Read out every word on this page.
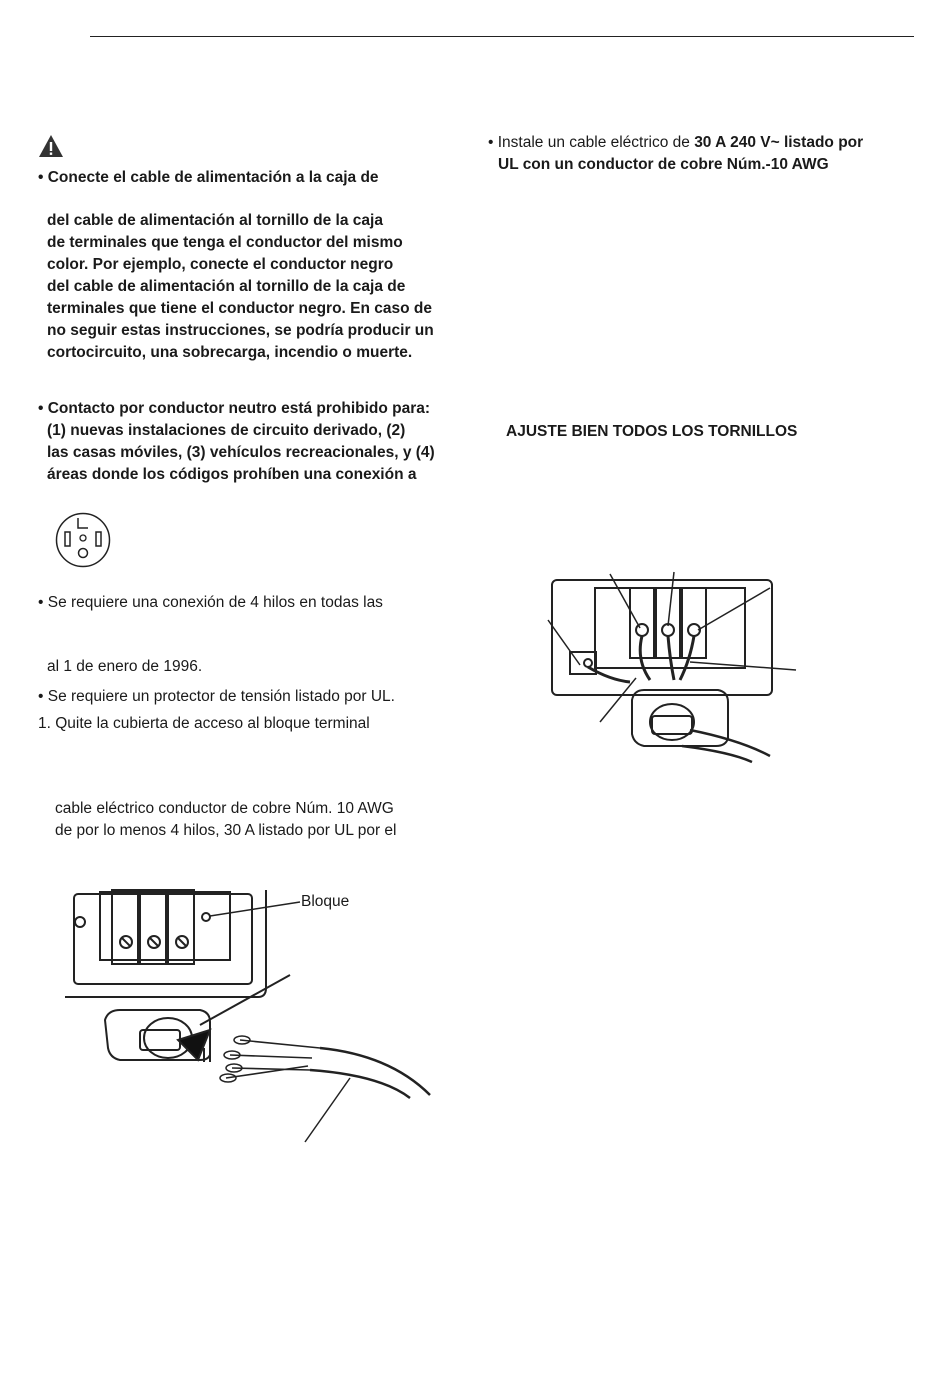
• Conecte el cable de alimentación a la caja de
del cable de alimentación al tornillo de la caja
de terminales que tenga el conductor del mismo
color. Por ejemplo, conecte el conductor negro
del cable de alimentación al tornillo de la caja de
terminales que tiene el conductor negro. En caso de
no seguir estas instrucciones, se podría producir un
cortocircuito, una sobrecarga, incendio o muerte.
• Contacto por conductor neutro está prohibido para:
(1) nuevas instalaciones de circuito derivado, (2)
las casas móviles, (3) vehículos recreacionales, y (4)
áreas donde los códigos prohíben una conexión a
• Se requiere una conexión de 4 hilos en todas las
al 1 de enero de 1996.
• Se requiere un protector de tensión listado por UL.
1. Quite la cubierta de acceso al bloque terminal
cable eléctrico conductor de cobre Núm. 10 AWG
de por lo menos 4 hilos, 30 A listado por UL por el
Bloque
• Instale un cable eléctrico de 30 A 240 V~ listado por
UL con un conductor de cobre Núm.-10 AWG
AJUSTE BIEN TODOS LOS TORNILLOS
